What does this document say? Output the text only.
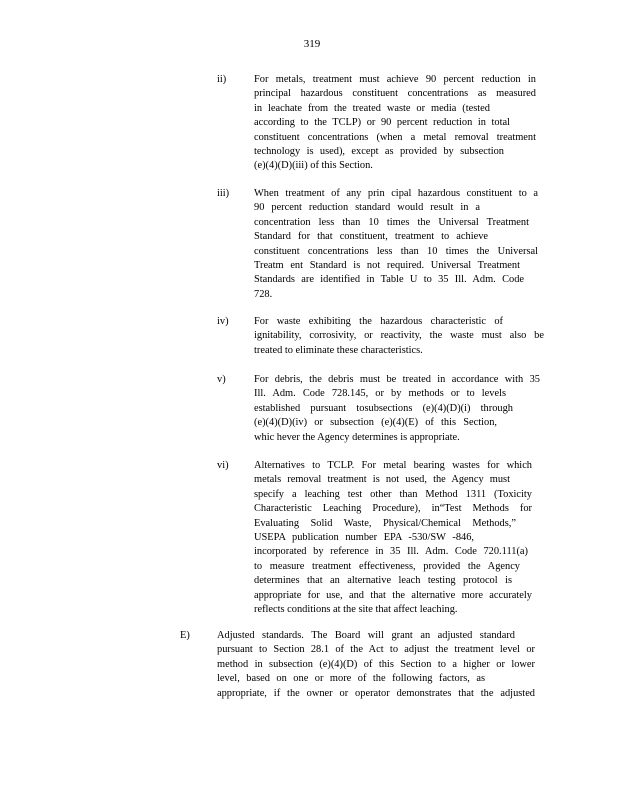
319
ii)	For metals, treatment must achieve 90 percent reduction in
principal hazardous constituent concentrations as measured
in leachate from the treated waste or media (tested
according to the TCLP) or 90 percent reduction in total
constituent concentrations (when a metal removal treatment
technology is used), except as provided by subsection
(e)(4)(D)(iii) of this Section.
iii) When treatment of any prin cipal hazardous constituent to a
90 percent reduction standard would result in a
concentration less than 10 times the Universal Treatment
Standard for that constituent, treatment to achieve
constituent concentrations less than 10 times the Universal
Treatm ent Standard is not required. Universal Treatment
Standards are identified in Table U to 35 Ill. Adm. Code
728.
iv) For waste exhibiting the hazardous characteristic of
ignitability, corrosivity, or reactivity, the waste must also be
treated to eliminate these characteristics.
v)	For debris, the debris must be treated in accordance with 35
Ill. Adm. Code 728.145, or by methods or to levels
established pursuant tosubsections (e)(4)(D)(i) through
(e)(4)(D)(iv) or subsection (e)(4)(E) of this Section,
whic hever the Agency determines is appropriate.
vi) Alternatives to TCLP. For metal bearing wastes for which
metals removal treatment is not used, the Agency must
specify a leaching test other than Method 1311 (Toxicity
Characteristic Leaching Procedure), in“Test Methods for
Evaluating Solid Waste, Physical/Chemical Methods,”
USEPA publication number EPA -530/SW -846,
incorporated by reference in 35 Ill. Adm. Code 720.111(a)
to measure treatment effectiveness, provided the Agency
determines that an alternative leach testing protocol is
appropriate for use, and that the alternative more accurately
reflects conditions at the site that affect leaching.
E)	Adjusted standards. The Board will grant an adjusted standard
pursuant to Section 28.1 of the Act to adjust the treatment level or
method in subsection (e)(4)(D) of this Section to a higher or lower
level, based on one or more of the following factors, as
appropriate, if the owner or operator demonstrates that the adjusted
